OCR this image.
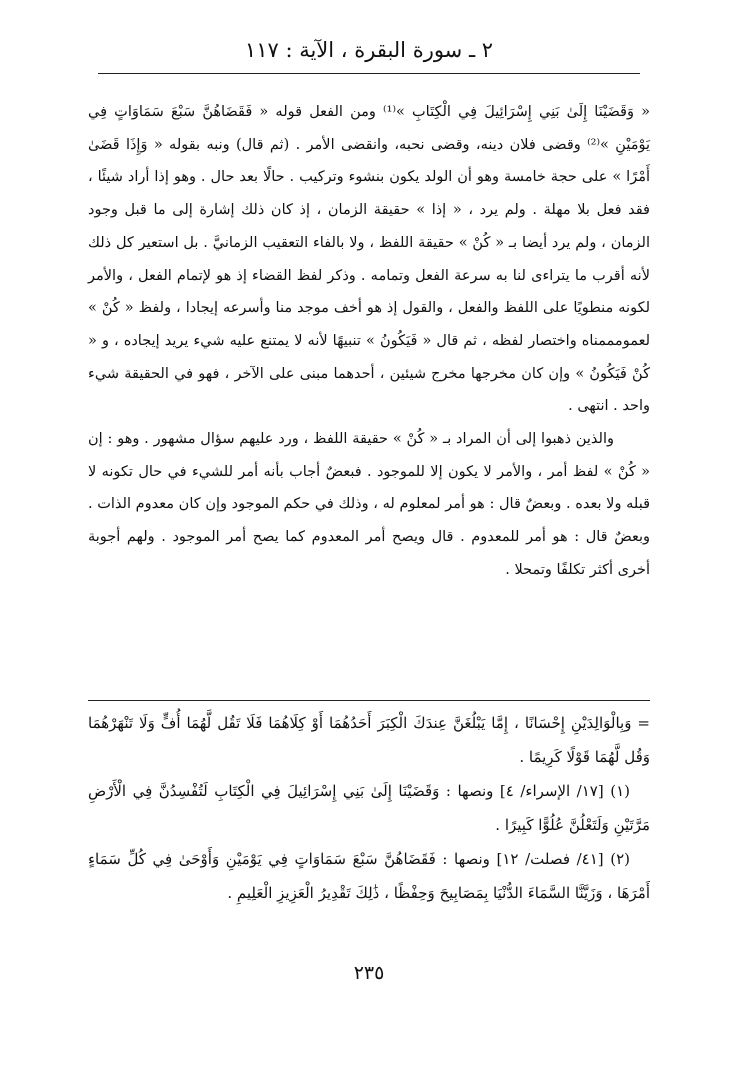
٢ ـ سورة البقرة ، الآية : ١١٧

« وَقَضَيْنَا إِلَىٰ بَنِي إِسْرَائِيلَ فِي الْكِتَابِ »⁽¹⁾ ومن الفعل قوله « فَقَضَاهُنَّ سَبْعَ سَمَاوَاتٍ فِي يَوْمَيْنِ »⁽²⁾ وقضى فلان دينه، وقضى نحبه، وانقضى الأمر . (ثم قال) ونبه بقوله « وَإِذَا قَضَىٰ أَمْرًا » على حجة خامسة وهو أن الولد يكون بنشوء وتركيب . حالًا بعد حال . وهو إذا أراد شيئًا ، فقد فعل بلا مهلة . ولم يرد ، « إذا » حقيقة الزمان ، إذ كان ذلك إشارة إلى ما قبل وجود الزمان ، ولم يرد أيضا بـ « كُنْ » حقيقة اللفظ ، ولا بالفاء التعقيب الزمانيَّ . بل استعير كل ذلك لأنه أقرب ما يتراءى لنا به سرعة الفعل وتمامه . وذكر لفظ القضاء إذ هو لإتمام الفعل ، والأمر لكونه منطويًا على اللفظ والفعل ، والقول إذ هو أخف موجد منا وأسرعه إيجادا ، ولفظ « كُنْ » لعمومممناه واختصار لفظه ، ثم قال « فَيَكُونُ » تنبيهًا لأنه لا يمتنع عليه شيء يريد إيجاده ، و « كُنْ فَيَكُونُ » وإن كان مخرجها مخرج شيئين ، أحدهما مبنى على الآخر ، فهو في الحقيقة شيء واحد . انتهى .

والذين ذهبوا إلى أن المراد بـ « كُنْ » حقيقة اللفظ ، ورد عليهم سؤال مشهور . وهو : إن « كُنْ » لفظ أمر ، والأمر لا يكون إلا للموجود . فبعضٌ أجاب بأنه أمر للشيء في حال تكونه لا قبله ولا بعده . وبعضٌ قال : هو أمر لمعلوم له ، وذلك في حكم الموجود وإن كان معدوم الذات . وبعضٌ قال : هو أمر للمعدوم . قال ويصح أمر المعدوم كما يصح أمر الموجود . ولهم أجوبة أخرى أكثر تكلفًا وتمحلا .

= وَبِالْوَالِدَيْنِ إِحْسَانًا ، إِمَّا يَبْلُغَنَّ عِندَكَ الْكِبَرَ أَحَدُهُمَا أَوْ كِلَاهُمَا فَلَا تَقُل لَّهُمَا أُفٍّ وَلَا تَنْهَرْهُمَا وَقُل لَّهُمَا قَوْلًا كَرِيمًا .

(١) [١٧/ الإسراء/ ٤] ونصها : وَقَضَيْنَا إِلَىٰ بَنِي إِسْرَائِيلَ فِي الْكِتَابِ لَتُفْسِدُنَّ فِي الْأَرْضِ مَرَّتَيْنِ وَلَتَعْلُنَّ عُلُوًّا كَبِيرًا .

(٢) [٤١/ فصلت/ ١٢] ونصها : فَقَضَاهُنَّ سَبْعَ سَمَاوَاتٍ فِي يَوْمَيْنِ وَأَوْحَىٰ فِي كُلِّ سَمَاءٍ أَمْرَهَا ، وَزَيَّنَّا السَّمَاءَ الدُّنْيَا بِمَصَابِيحَ وَحِفْظًا ، ذَٰلِكَ تَقْدِيرُ الْعَزِيزِ الْعَلِيمِ .

٢٣٥
